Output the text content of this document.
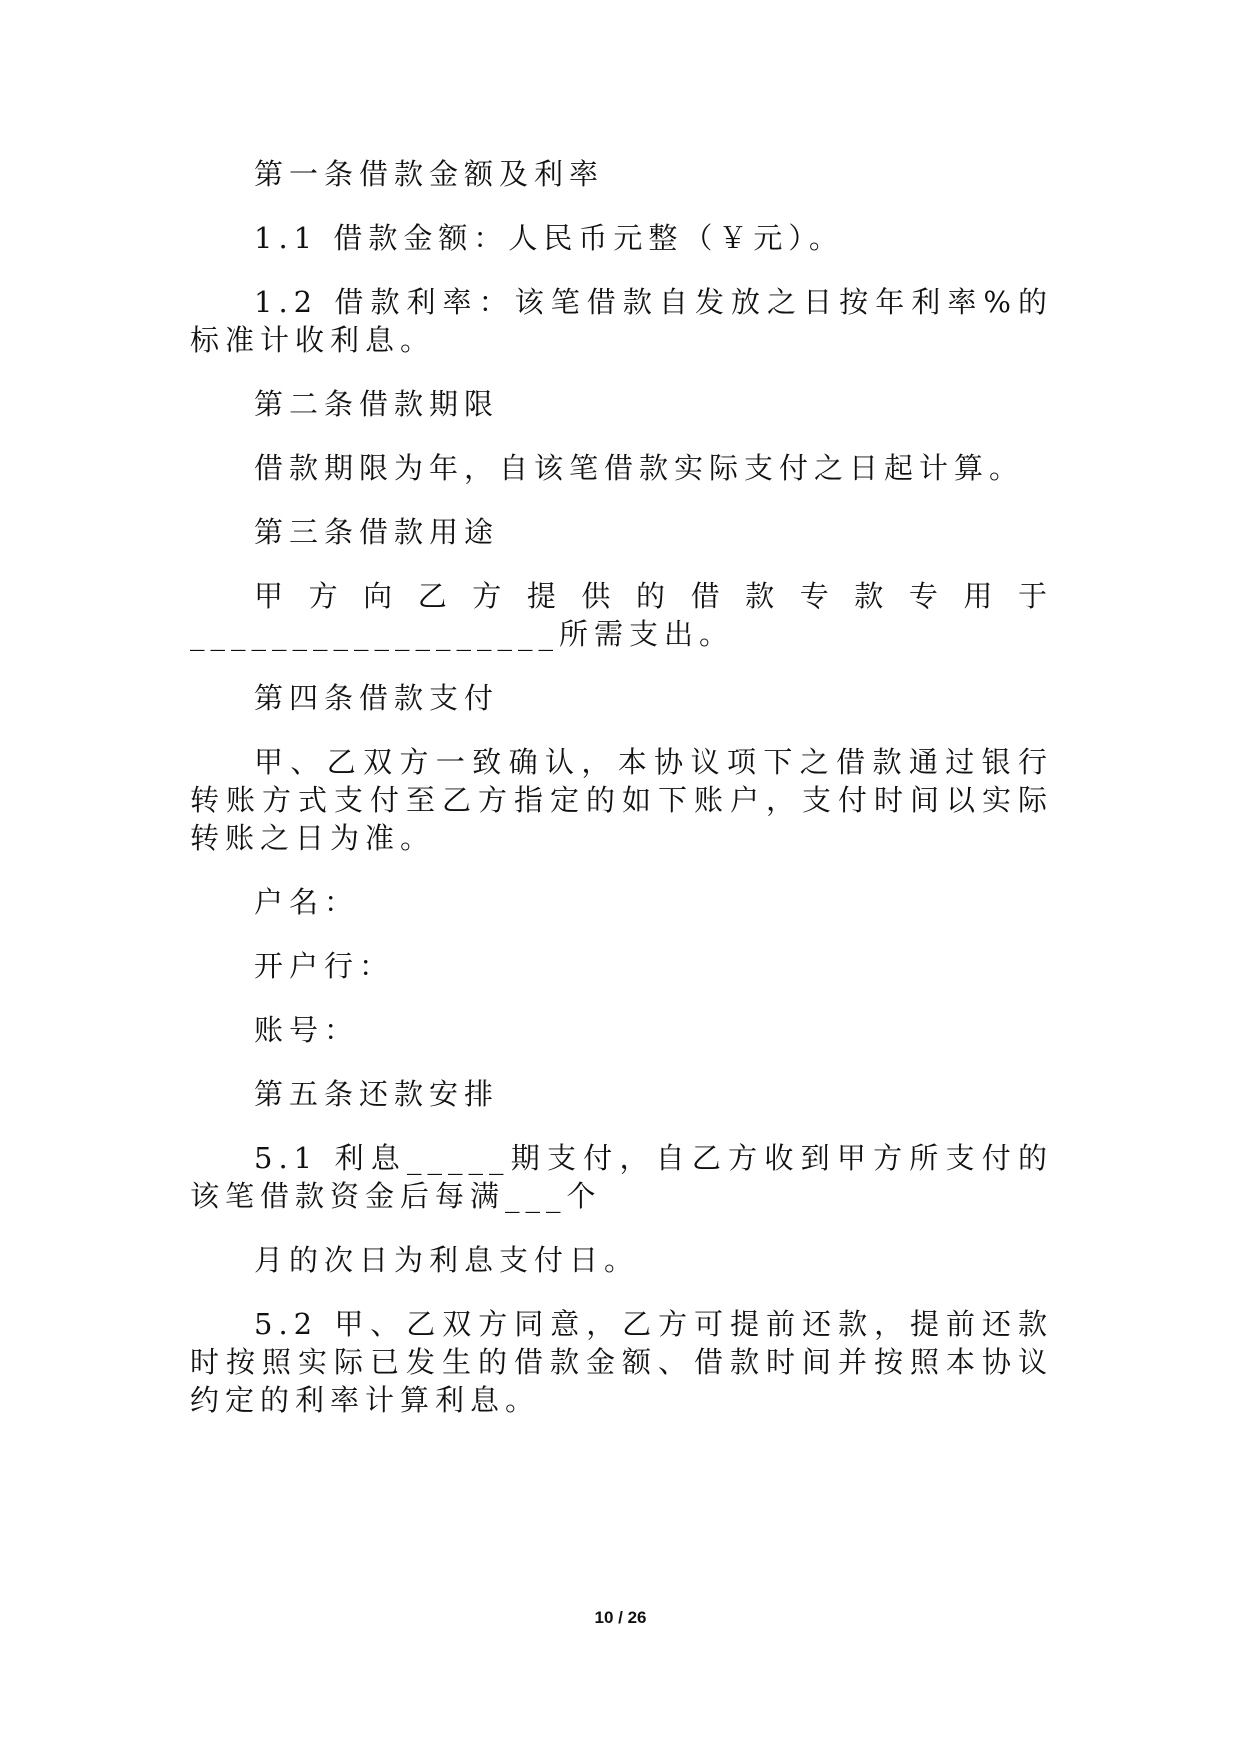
第一条借款金额及利率

1.1 借款金额：人民币元整（￥元）。

1.2 借款利率：该笔借款自发放之日按年利率%的标准计收利息。

第二条借款期限

借款期限为年，自该笔借款实际支付之日起计算。

第三条借款用途

甲方向乙方提供的借款专款专用于__________________所需支出。

第四条借款支付

甲、乙双方一致确认，本协议项下之借款通过银行转账方式支付至乙方指定的如下账户，支付时间以实际转账之日为准。

户名：

开户行：

账号：

第五条还款安排

5.1 利息_____期支付，自乙方收到甲方所支付的该笔借款资金后每满___个

月的次日为利息支付日。

5.2 甲、乙双方同意，乙方可提前还款，提前还款时按照实际已发生的借款金额、借款时间并按照本协议约定的利率计算利息。

10 / 26
